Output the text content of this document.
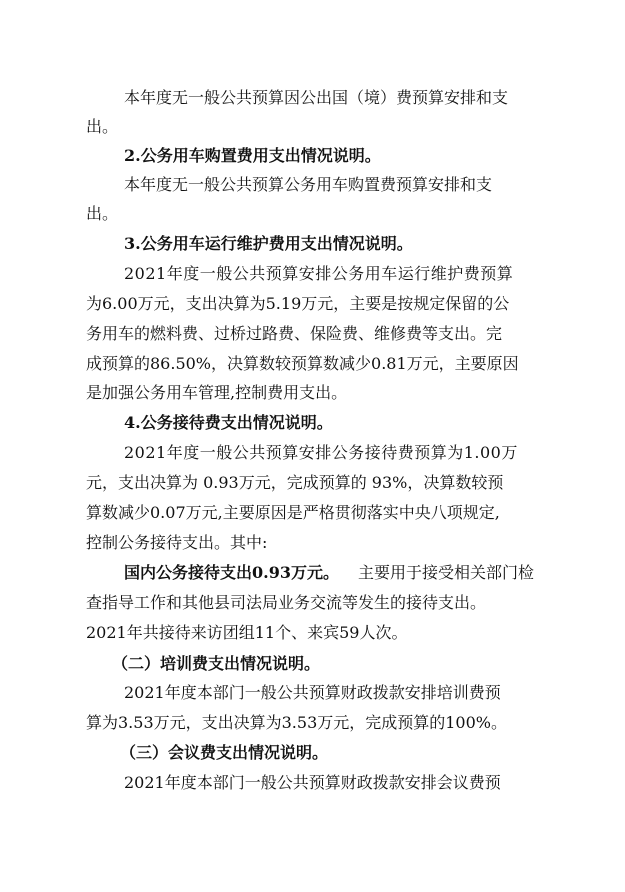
本年度无一般公共预算因公出国（境）费预算安排和支
出。
2.公务用车购置费用支出情况说明。
本年度无一般公共预算公务用车购置费预算安排和支
出。
3.公务用车运行维护费用支出情况说明。
2021年度一般公共预算安排公务用车运行维护费预算
为6.00万元，支出决算为5.19万元，主要是按规定保留的公
务用车的燃料费、过桥过路费、保险费、维修费等支出。完
成预算的86.50%，决算数较预算数减少0.81万元，主要原因
是加强公务用车管理,控制费用支出。
4.公务接待费支出情况说明。
2021年度一般公共预算安排公务接待费预算为1.00万
元，支出决算为 0.93万元，完成预算的 93%，决算数较预
算数减少0.07万元,主要原因是严格贯彻落实中央八项规定,
控制公务接待支出。其中:
国内公务接待支出0.93万元。 主要用于接受相关部门检
查指导工作和其他县司法局业务交流等发生的接待支出。
2021年共接待来访团组11个、来宾59人次。
（二）培训费支出情况说明。
2021年度本部门一般公共预算财政拨款安排培训费预
算为3.53万元，支出决算为3.53万元，完成预算的100%。
（三）会议费支出情况说明。
2021年度本部门一般公共预算财政拨款安排会议费预
